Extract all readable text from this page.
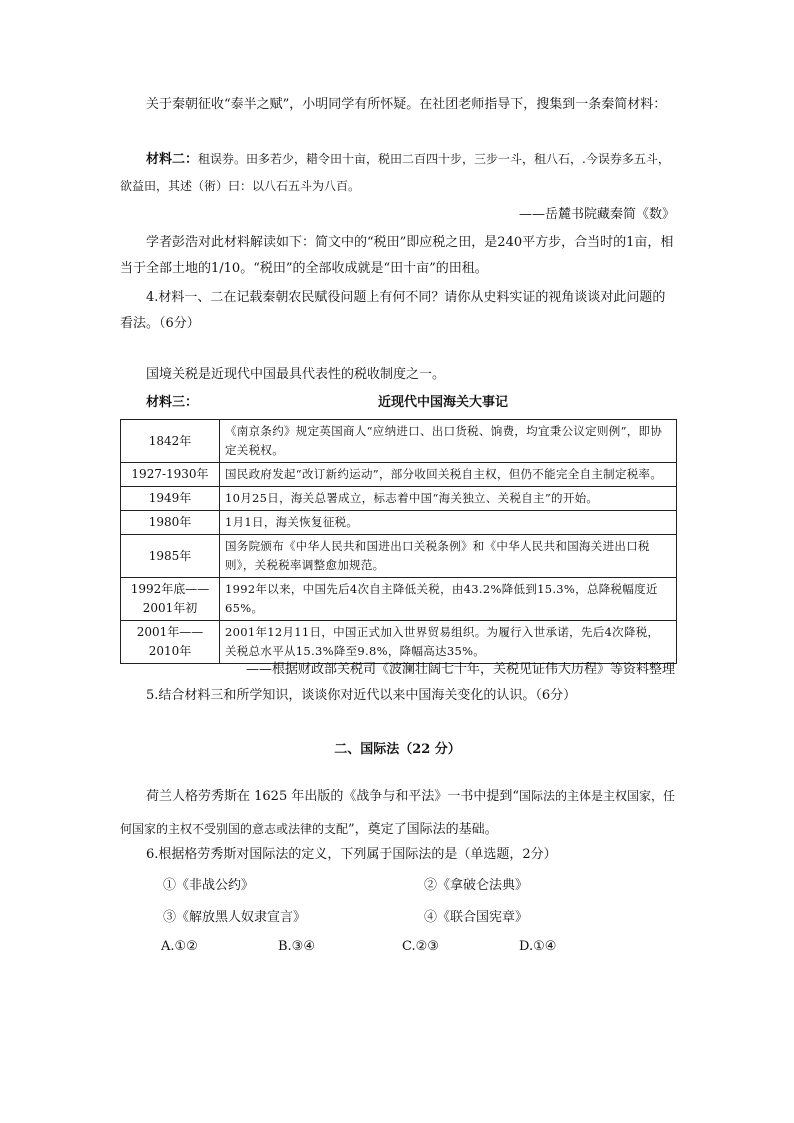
关于秦朝征收“泰半之赋”，小明同学有所怀疑。在社团老师指导下，搜集到一条秦简材料：
材料二：租误券。田多若少，耤令田十亩，税田二百四十步，三步一斗，租八石，.今误券多五斗，欲益田，其述（術）曰：以八石五斗为八百。
——岳麓书院藏秦简《数》
学者彭浩对此材料解读如下：简文中的“税田”即应税之田，是240平方步，合当时的1亩，相当于全部土地的1/10。“税田”的全部收成就是“田十亩”的田租。
4.材料一、二在记载秦朝农民赋役问题上有何不同？请你从史料实证的视角谈谈对此问题的看法。（6分）
国境关税是近现代中国最具代表性的税收制度之一。
材料三：	近现代中国海关大事记
1842年	《南京条约》规定英国商人“应纳进口、出口货税、饷费，均宜秉公议定则例”，即协定关税权。
1927-1930年	国民政府发起“改订新约运动”，部分收回关税自主权，但仍不能完全自主制定税率。
1949年	10月25日，海关总署成立，标志着中国“海关独立、关税自主”的开始。
1980年	1月1日，海关恢复征税。
1985年	国务院颁布《中华人民共和国进出口关税条例》和《中华人民共和国海关进出口税则》，关税税率调整愈加规范。
1992年底——2001年初	1992年以来，中国先后4次自主降低关税，由43.2%降低到15.3%，总降税幅度近65%。
2001年——2010年	2001年12月11日，中国正式加入世界贸易组织。为履行入世承诺，先后4次降税，关税总水平从15.3%降至9.8%，降幅高达35%。
——根据财政部关税司《波澜壮阔七十年，关税见证伟大历程》等资料整理
5.结合材料三和所学知识，谈谈你对近代以来中国海关变化的认识。（6分）
二、国际法（22 分）
荷兰人格劳秀斯在 1625 年出版的《战争与和平法》一书中提到“国际法的主体是主权国家，任何国家的主权不受别国的意志或法律的支配”，奠定了国际法的基础。
6.根据格劳秀斯对国际法的定义，下列属于国际法的是（单选题，2分）
①《非战公约》	②《拿破仑法典》
③《解放黑人奴隶宣言》	④《联合国宪章》
A.①②	B.③④	C.②③	D.①④
